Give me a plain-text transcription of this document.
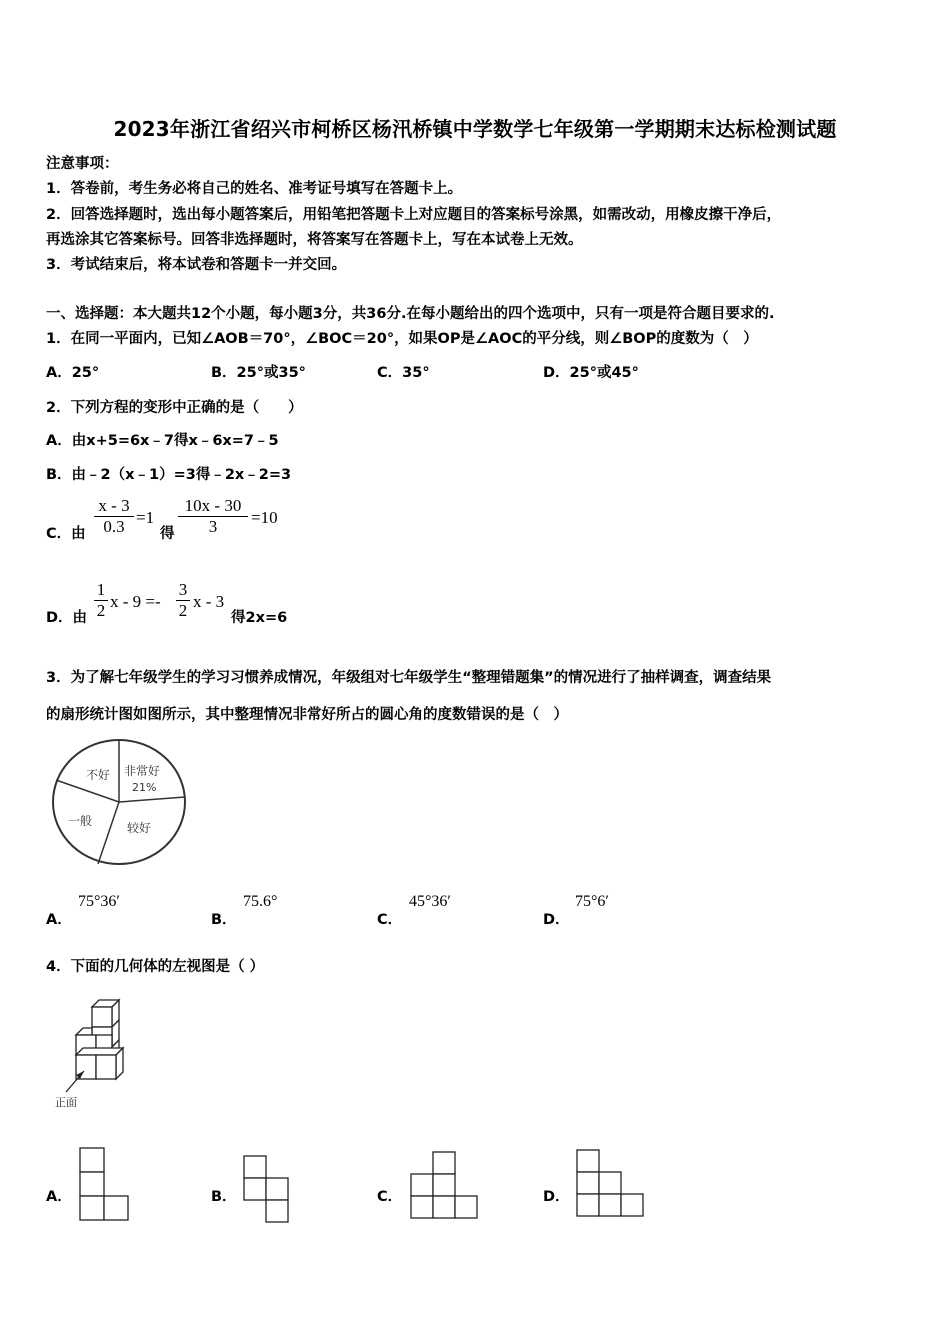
2023年浙江省绍兴市柯桥区杨汛桥镇中学数学七年级第一学期期末达标检测试题
注意事项：
1．答卷前，考生务必将自己的姓名、准考证号填写在答题卡上。
2．回答选择题时，选出每小题答案后，用铅笔把答题卡上对应题目的答案标号涂黑，如需改动，用橡皮擦干净后，
再选涂其它答案标号。回答非选择题时，将答案写在答题卡上，写在本试卷上无效。
3．考试结束后，将本试卷和答题卡一并交回。
一、选择题：本大题共12个小题，每小题3分，共36分.在每小题给出的四个选项中，只有一项是符合题目要求的.
1．在同一平面内，已知∠AOB＝70°，∠BOC＝20°，如果OP是∠AOC的平分线，则∠BOP的度数为（　）
A．25°	B．25°或35°	C．35°	D．25°或45°
2．下列方程的变形中正确的是（　　）
A．由x+5=6x﹣7得x﹣6x=7﹣5
B．由﹣2（x﹣1）=3得﹣2x﹣2=3
C．由 $\frac{x - 3}{0.3} =1$
得 $\frac{10x - 30}{3} =10$
D．由 $\frac{1}{2}$ $x - 9 =- \frac{3}{2}$ x - 3
得2x=6
3．为了解七年级学生的学习习惯养成情况，年级组对七年级学生“整理错题集”的情况进行了抽样调查，调查结果
的扇形统计图如图所示，其中整理情况非常好所占的圆心角的度数错误的是（　）
不好 非常好
21%
一般	较好
A．
75°36′
B．
75.6°
C．
45°36′
D．
75°6′
4．下面的几何体的左视图是（ ）
正面
A．	B．	C．	D．
